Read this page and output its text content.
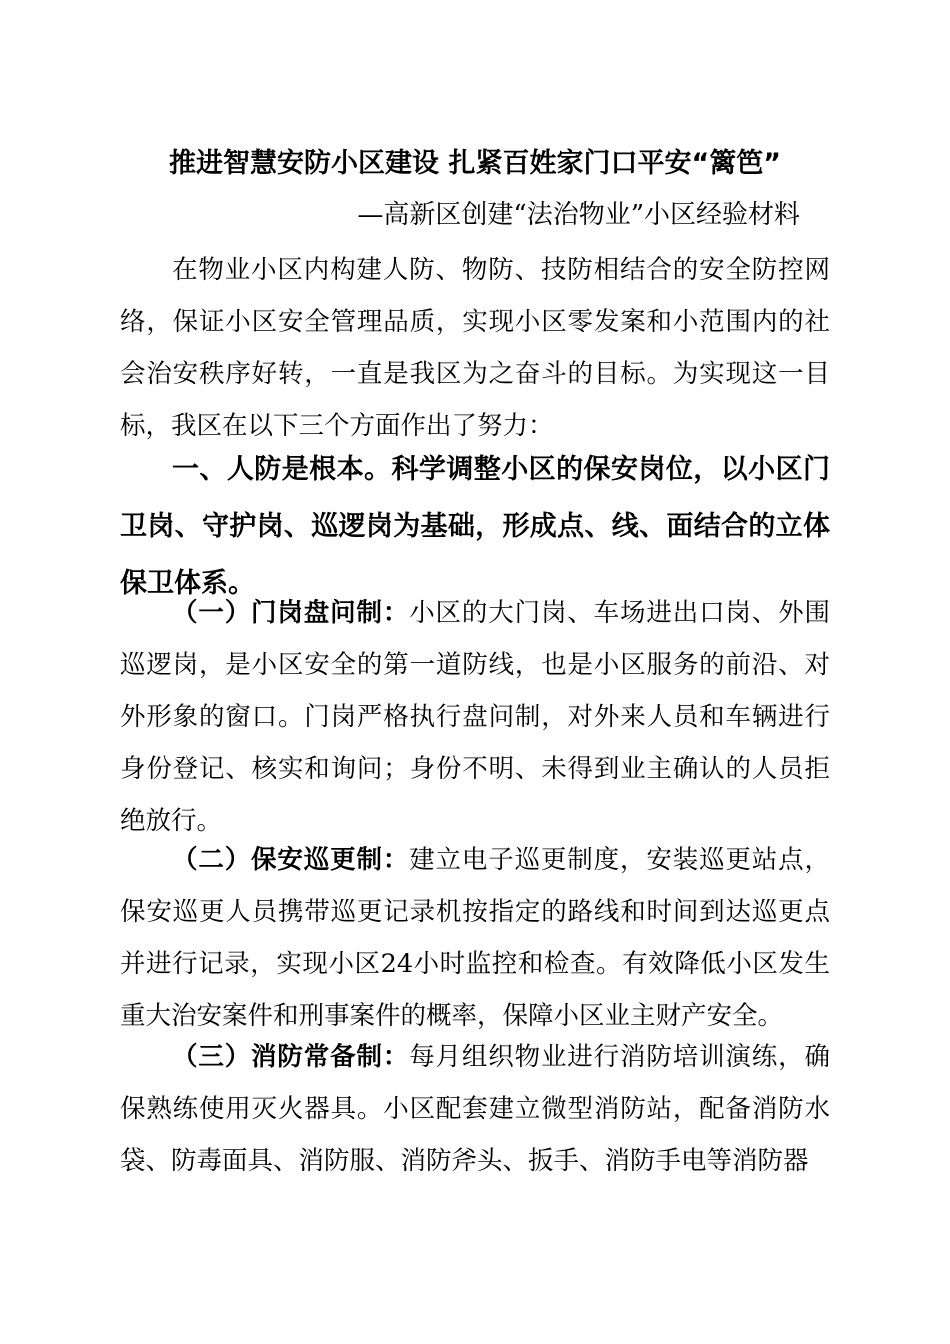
推进智慧安防小区建设 扎紧百姓家门口平安“篱笆”
—高新区创建“法治物业”小区经验材料

在物业小区内构建人防、物防、技防相结合的安全防控网络，保证小区安全管理品质，实现小区零发案和小范围内的社会治安秩序好转，一直是我区为之奋斗的目标。为实现这一目标，我区在以下三个方面作出了努力：

一、人防是根本。科学调整小区的保安岗位，以小区门卫岗、守护岗、巡逻岗为基础，形成点、线、面结合的立体保卫体系。

（一）门岗盘问制：小区的大门岗、车场进出口岗、外围巡逻岗，是小区安全的第一道防线，也是小区服务的前沿、对外形象的窗口。门岗严格执行盘问制，对外来人员和车辆进行身份登记、核实和询问；身份不明、未得到业主确认的人员拒绝放行。

（二）保安巡更制：建立电子巡更制度，安装巡更站点，保安巡更人员携带巡更记录机按指定的路线和时间到达巡更点并进行记录，实现小区24小时监控和检查。有效降低小区发生重大治安案件和刑事案件的概率，保障小区业主财产安全。

（三）消防常备制：每月组织物业进行消防培训演练，确保熟练使用灭火器具。小区配套建立微型消防站，配备消防水袋、防毒面具、消防服、消防斧头、扳手、消防手电等消防器
